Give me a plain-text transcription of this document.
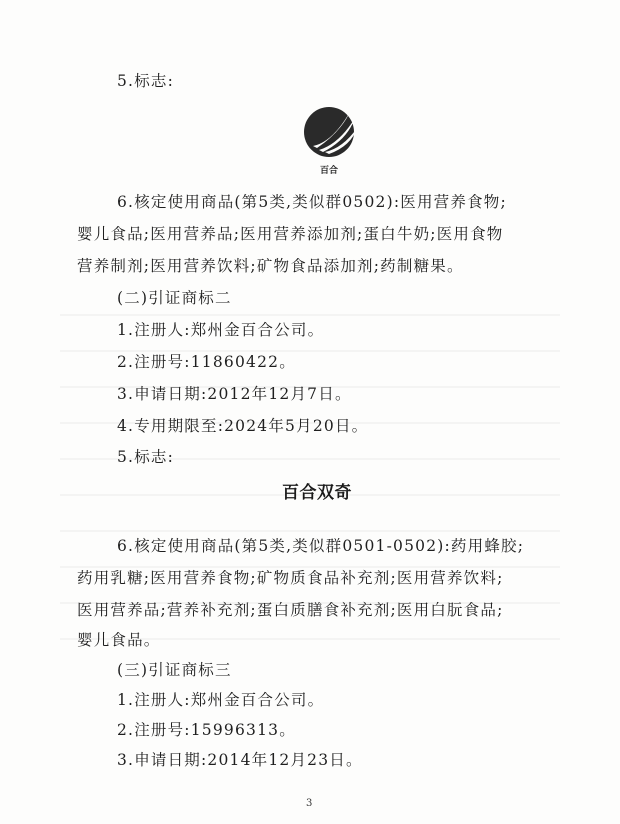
5.标志:
百合
6.核定使用商品(第5类,类似群0502):医用营养食物;
婴儿食品;医用营养品;医用营养添加剂;蛋白牛奶;医用食物
营养制剂;医用营养饮料;矿物食品添加剂;药制糖果。
(二)引证商标二
1.注册人:郑州金百合公司。
2.注册号:11860422。
3.申请日期:2012年12月7日。
4.专用期限至:2024年5月20日。
5.标志:
百合双奇
6.核定使用商品(第5类,类似群0501-0502):药用蜂胶;
药用乳糖;医用营养食物;矿物质食品补充剂;医用营养饮料;
医用营养品;营养补充剂;蛋白质膳食补充剂;医用白朊食品;
婴儿食品。
(三)引证商标三
1.注册人:郑州金百合公司。
2.注册号:15996313。
3.申请日期:2014年12月23日。
3
